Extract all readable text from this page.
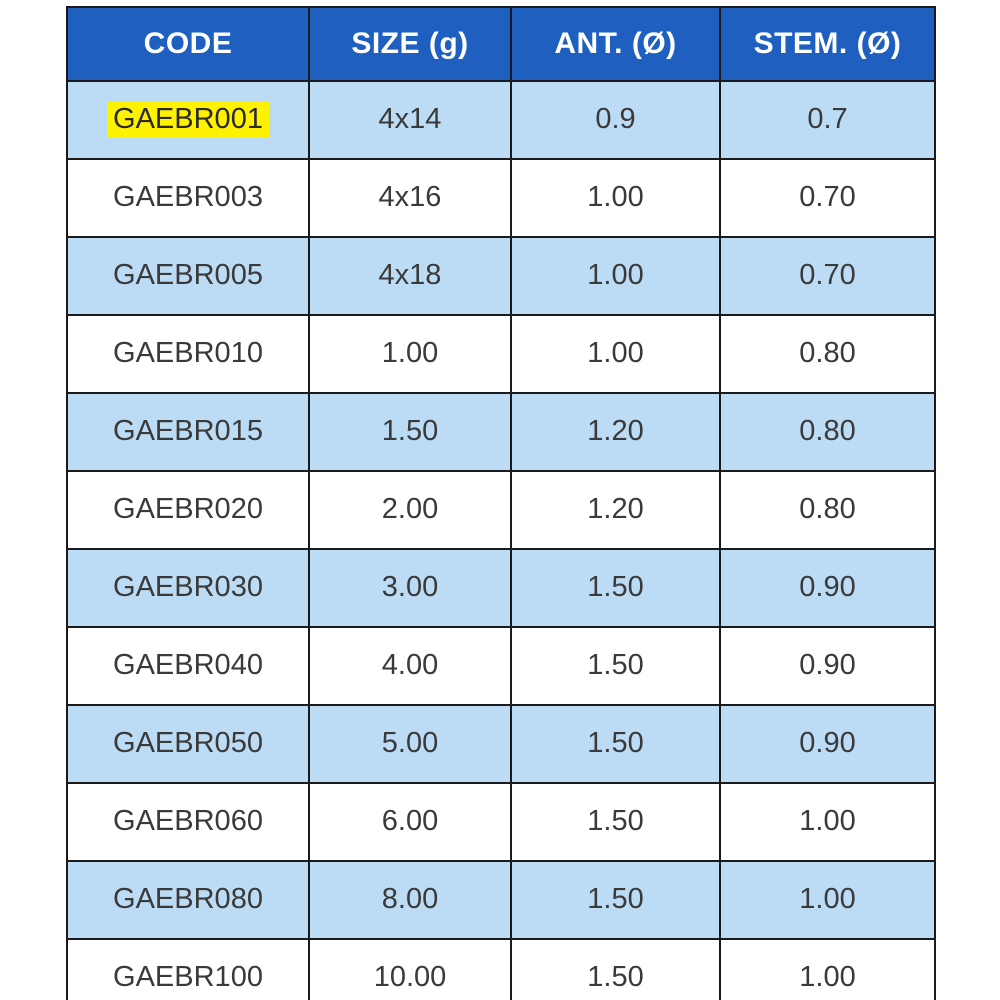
CODE	SIZE (g)	ANT. (Ø)	STEM. (Ø)
GAEBR001	4x14	0.9	0.7
GAEBR003	4x16	1.00	0.70
GAEBR005	4x18	1.00	0.70
GAEBR010	1.00	1.00	0.80
GAEBR015	1.50	1.20	0.80
GAEBR020	2.00	1.20	0.80
GAEBR030	3.00	1.50	0.90
GAEBR040	4.00	1.50	0.90
GAEBR050	5.00	1.50	0.90
GAEBR060	6.00	1.50	1.00
GAEBR080	8.00	1.50	1.00
GAEBR100	10.00	1.50	1.00
